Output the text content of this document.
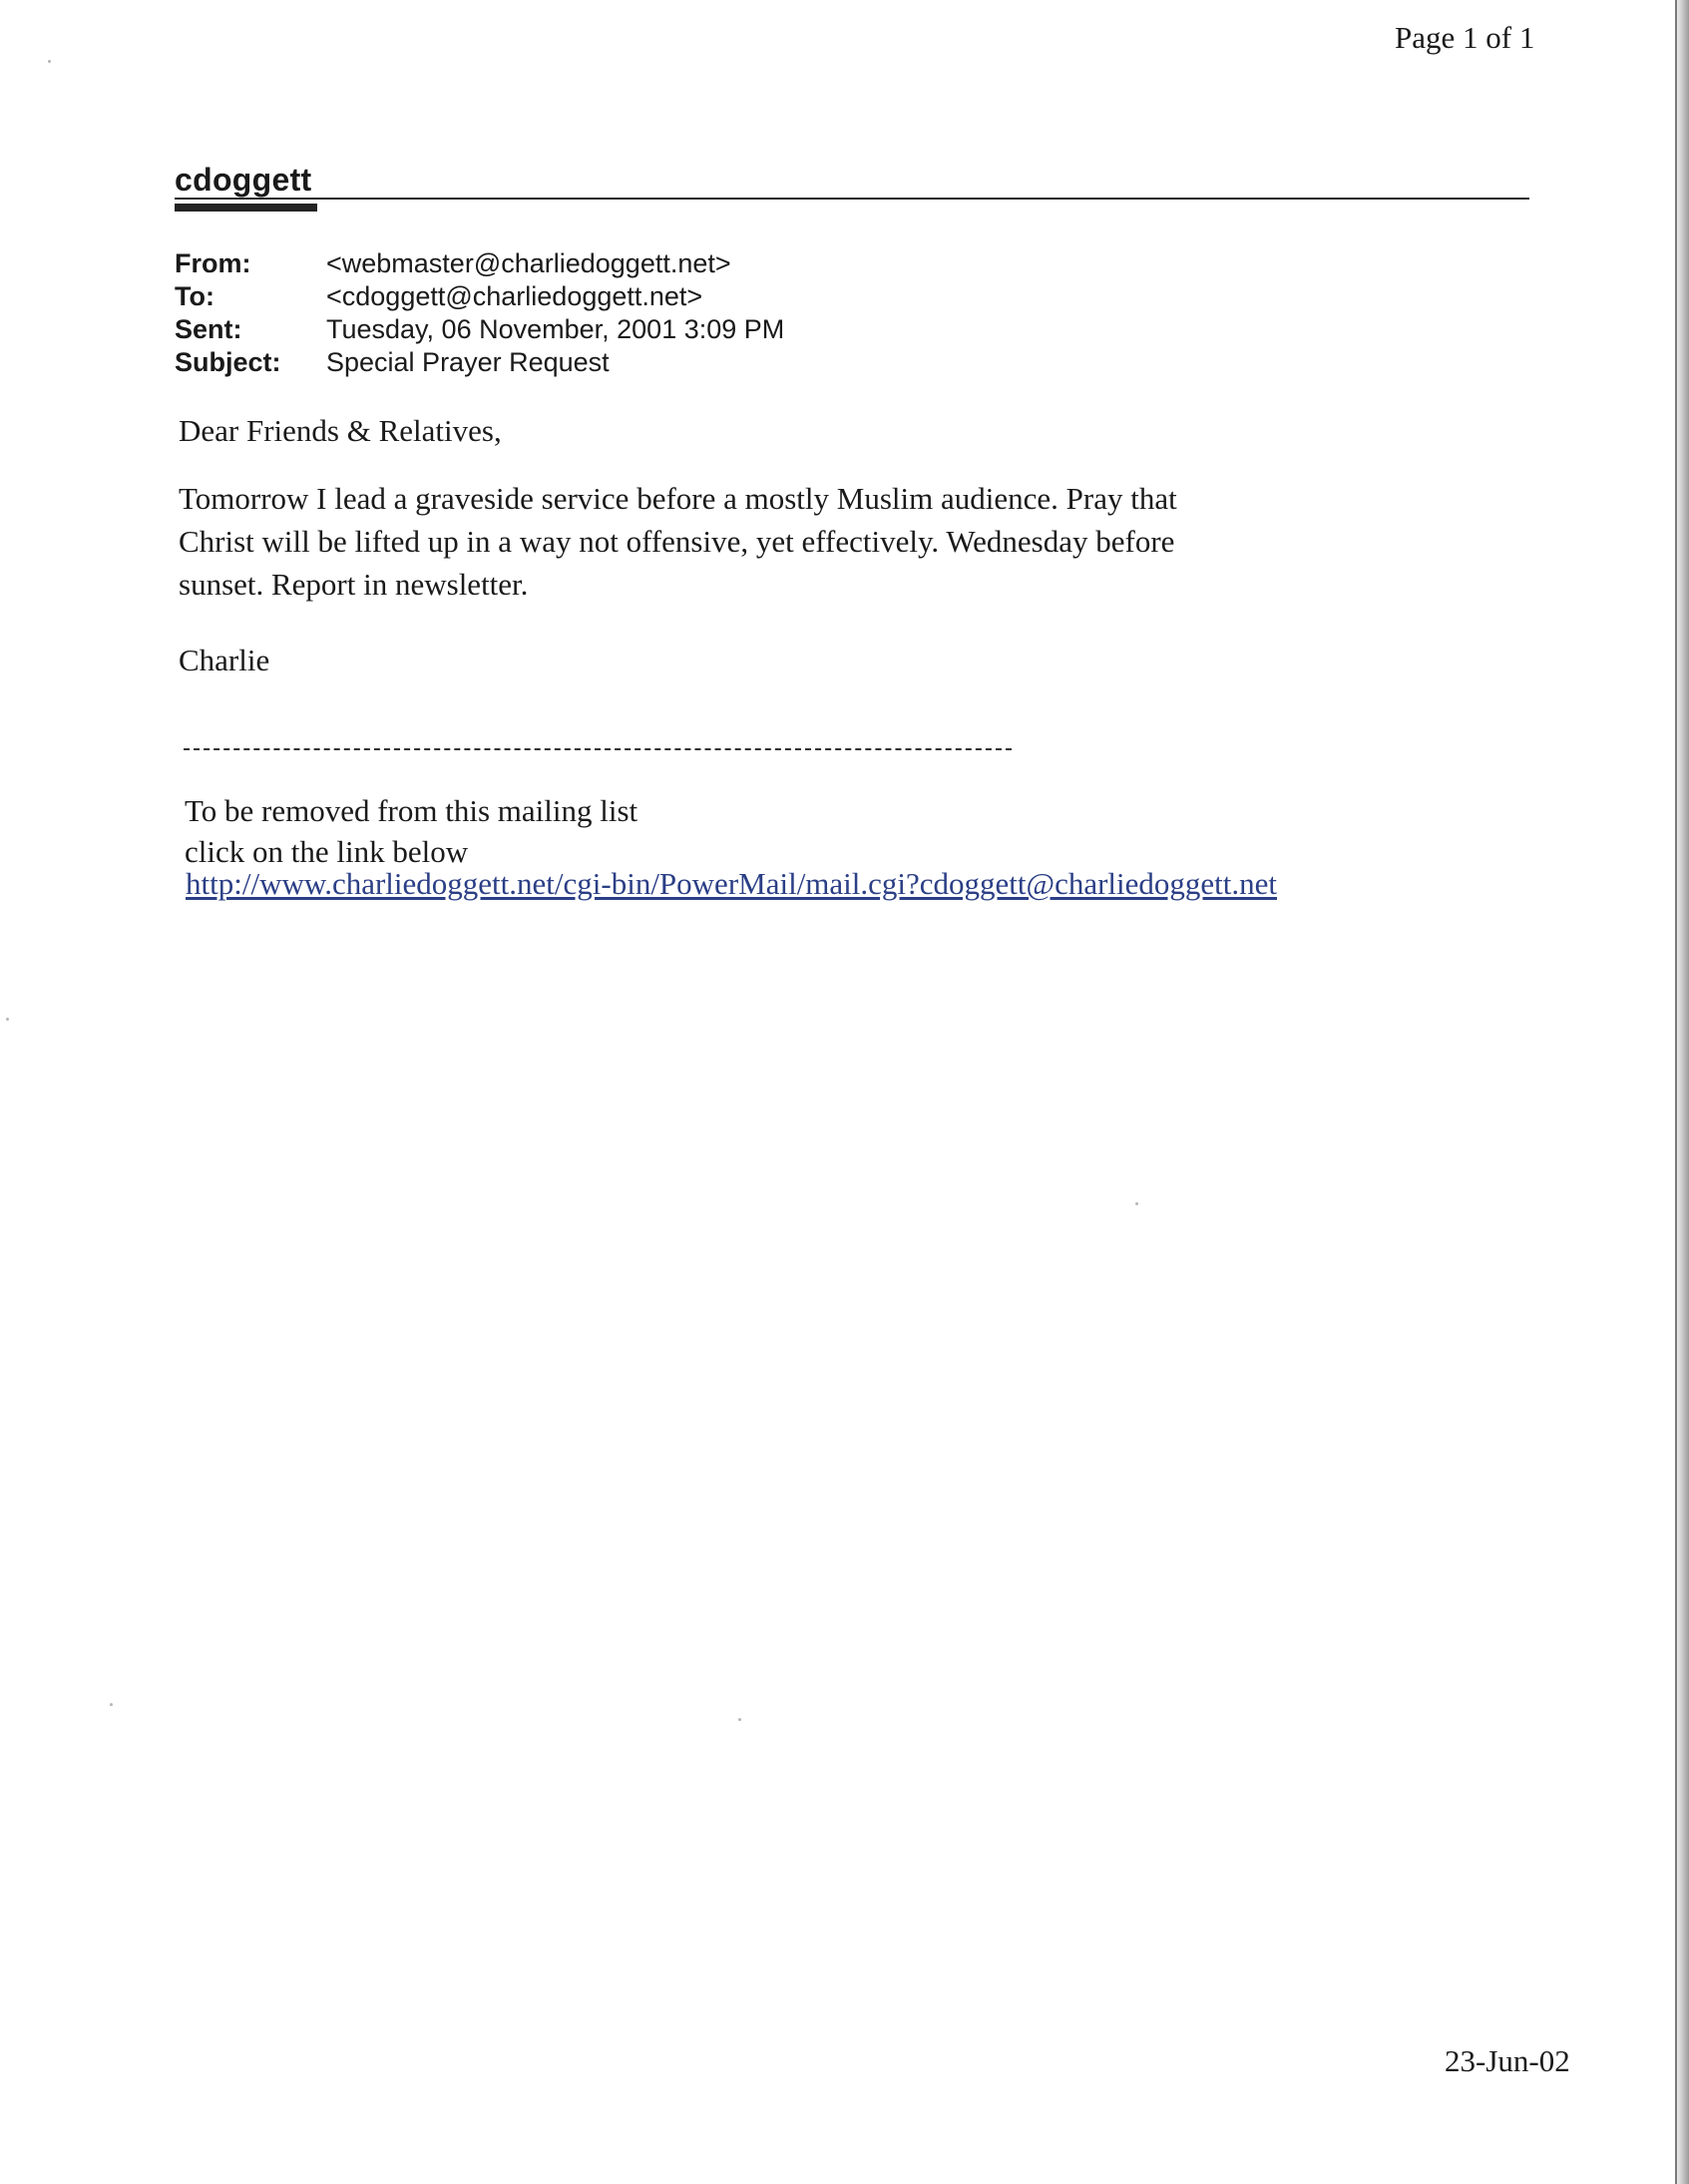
Page 1 of 1
cdoggett
From:	<webmaster@charliedoggett.net>
To:	<cdoggett@charliedoggett.net>
Sent:	Tuesday, 06 November, 2001 3:09 PM
Subject:	Special Prayer Request
Dear Friends & Relatives,
Tomorrow I lead a graveside service before a mostly Muslim audience. Pray that
Christ will be lifted up in a way not offensive, yet effectively. Wednesday before
sunset. Report in newsletter.
Charlie
To be removed from this mailing list
click on the link below
http://www.charliedoggett.net/cgi-bin/PowerMail/mail.cgi?cdoggett@charliedoggett.net
23-Jun-02
